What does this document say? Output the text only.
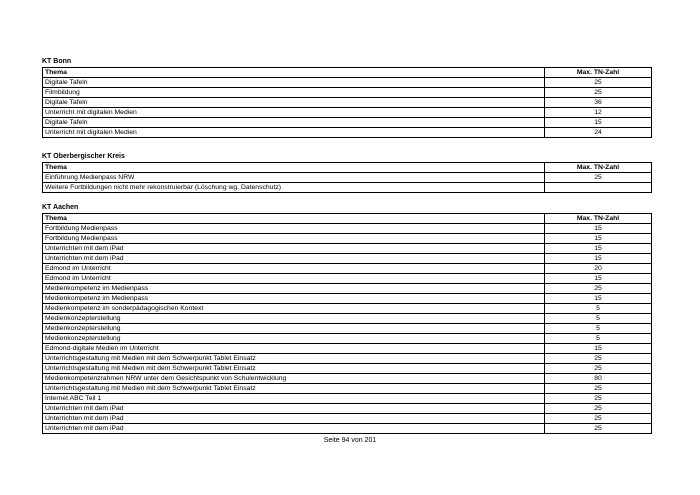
KT Bonn
Thema	Max. TN-Zahl
Digitale Tafeln	25
Filmbildung	25
Digitale Tafeln	36
Unterricht mit digitalen Medien	12
Digitale Tafeln	15
Unterricht mit digitalen Medien	24
KT Oberbergischer Kreis
Thema	Max. TN-Zahl
Einführung Medienpass NRW	25
Weitere Fortbildungen nicht mehr rekonstruierbar (Löschung wg. Datenschutz)	
KT Aachen
Thema	Max. TN-Zahl
Fortbildung Medienpass	15
Fortbildung Medienpass	15
Unterrichten mit dem iPad	15
Unterrichten mit dem iPad	15
Edmond im Unterricht	20
Edmond im Unterricht	15
Medienkompetenz im Medienpass	25
Medienkompetenz im Medienpass	15
Medienkompetenz im sonderpädagogischen Kontext	5
Medienkonzepterstellung	5
Medienkonzepterstellung	5
Medienkonzepterstellung	5
Edmond-digitale Medien im Unterricht	15
Unterrichtsgestaltung mit Medien mit dem Schwerpunkt Tablet Einsatz	25
Unterrichtsgestaltung mit Medien mit dem Schwerpunkt Tablet Einsatz	25
Medienkompetenzrahmen NRW unter dem Gesichtspunkt von Schulentwicklung	80
Unterrichtsgestaltung mit Medien mit dem Schwerpunkt Tablet Einsatz	25
Internet ABC Teil 1	25
Unterrichten mit dem iPad	25
Unterrichten mit dem iPad	25
Unterrichten mit dem iPad	25
Seite 94 von 201
